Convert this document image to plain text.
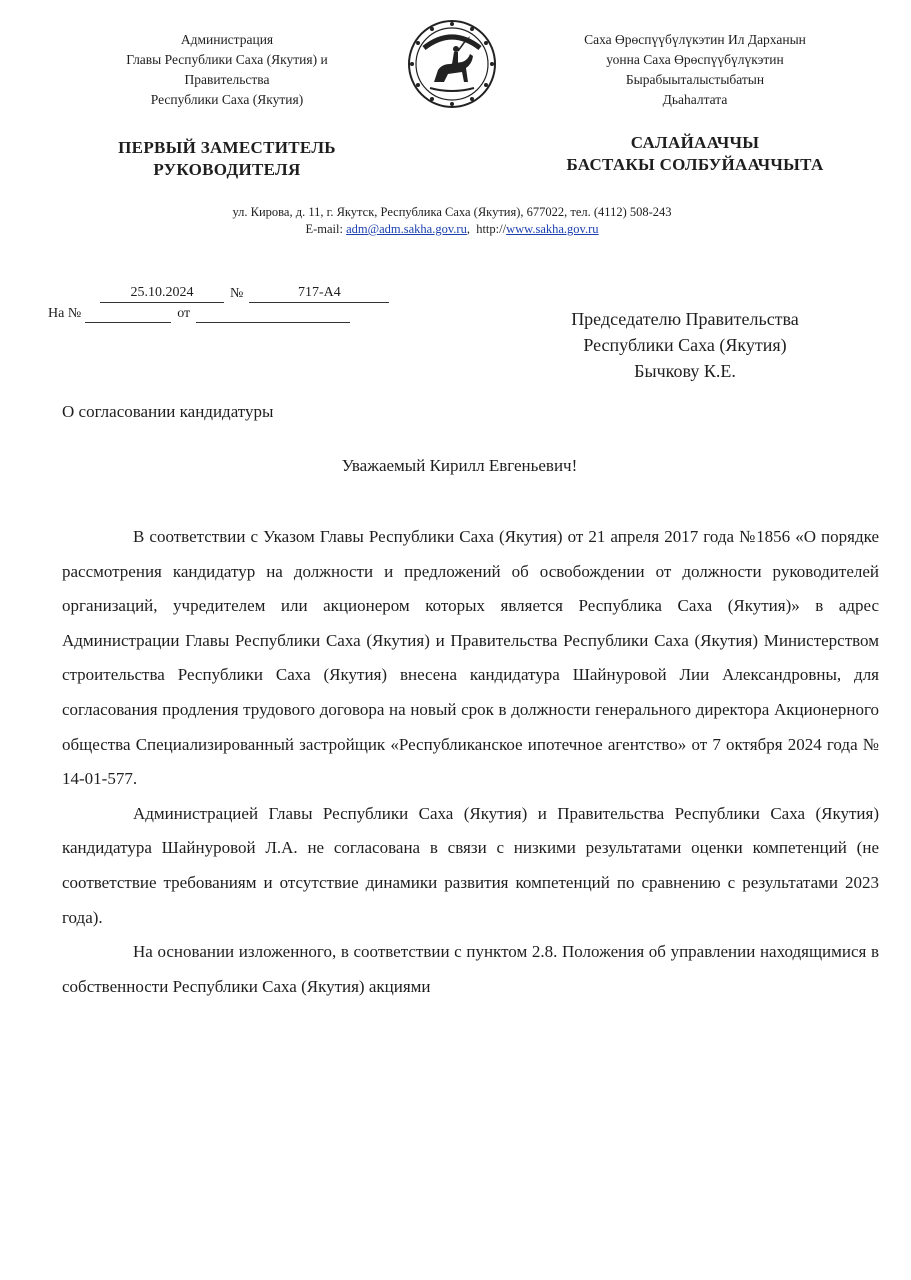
Администрация
Главы Республики Саха (Якутия) и
Правительства
Республики Саха (Якутия)
Саха Өрөспүүбүлүкэтин Ил Дарханын
уонна Саха Өрөспүүбүлүкэтин
Бырабыыталыстыбатын
Дьаһалтата
ПЕРВЫЙ ЗАМЕСТИТЕЛЬ
РУКОВОДИТЕЛЯ
САЛАЙААЧЧЫ
БАСТАКЫ СОЛБУЙААЧЧЫТА
ул. Кирова, д. 11, г. Якутск, Республика Саха (Якутия), 677022, тел. (4112) 508-243
E-mail: adm@adm.sakha.gov.ru, http://www.sakha.gov.ru
25.10.2024	№	717-А4
На №	от	Председателю Правительства
Республики Саха (Якутия)
Бычкову К.Е.
О согласовании кандидатуры
Уважаемый Кирилл Евгеньевич!

В соответствии с Указом Главы Республики Саха (Якутия) от 21 апреля 2017 года №1856 «О порядке рассмотрения кандидатур на должности и предложений об освобождении от должности руководителей организаций, учредителем или акционером которых является Республика Саха (Якутия)» в адрес Администрации Главы Республики Саха (Якутия) и Правительства Республики Саха (Якутия) Министерством строительства Республики Саха (Якутия) внесена кандидатура Шайнуровой Лии Александровны, для согласования продления трудового договора на новый срок в должности генерального директора Акционерного общества Специализированный застройщик «Республиканское ипотечное агентство» от 7 октября 2024 года № 14-01-577.

Администрацией Главы Республики Саха (Якутия) и Правительства Республики Саха (Якутия) кандидатура Шайнуровой Л.А. не согласована в связи с низкими результатами оценки компетенций (не соответствие требованиям и отсутствие динамики развития компетенций по сравнению с результатами 2023 года).

На основании изложенного, в соответствии с пунктом 2.8. Положения об управлении находящимися в собственности Республики Саха (Якутия) акциями
